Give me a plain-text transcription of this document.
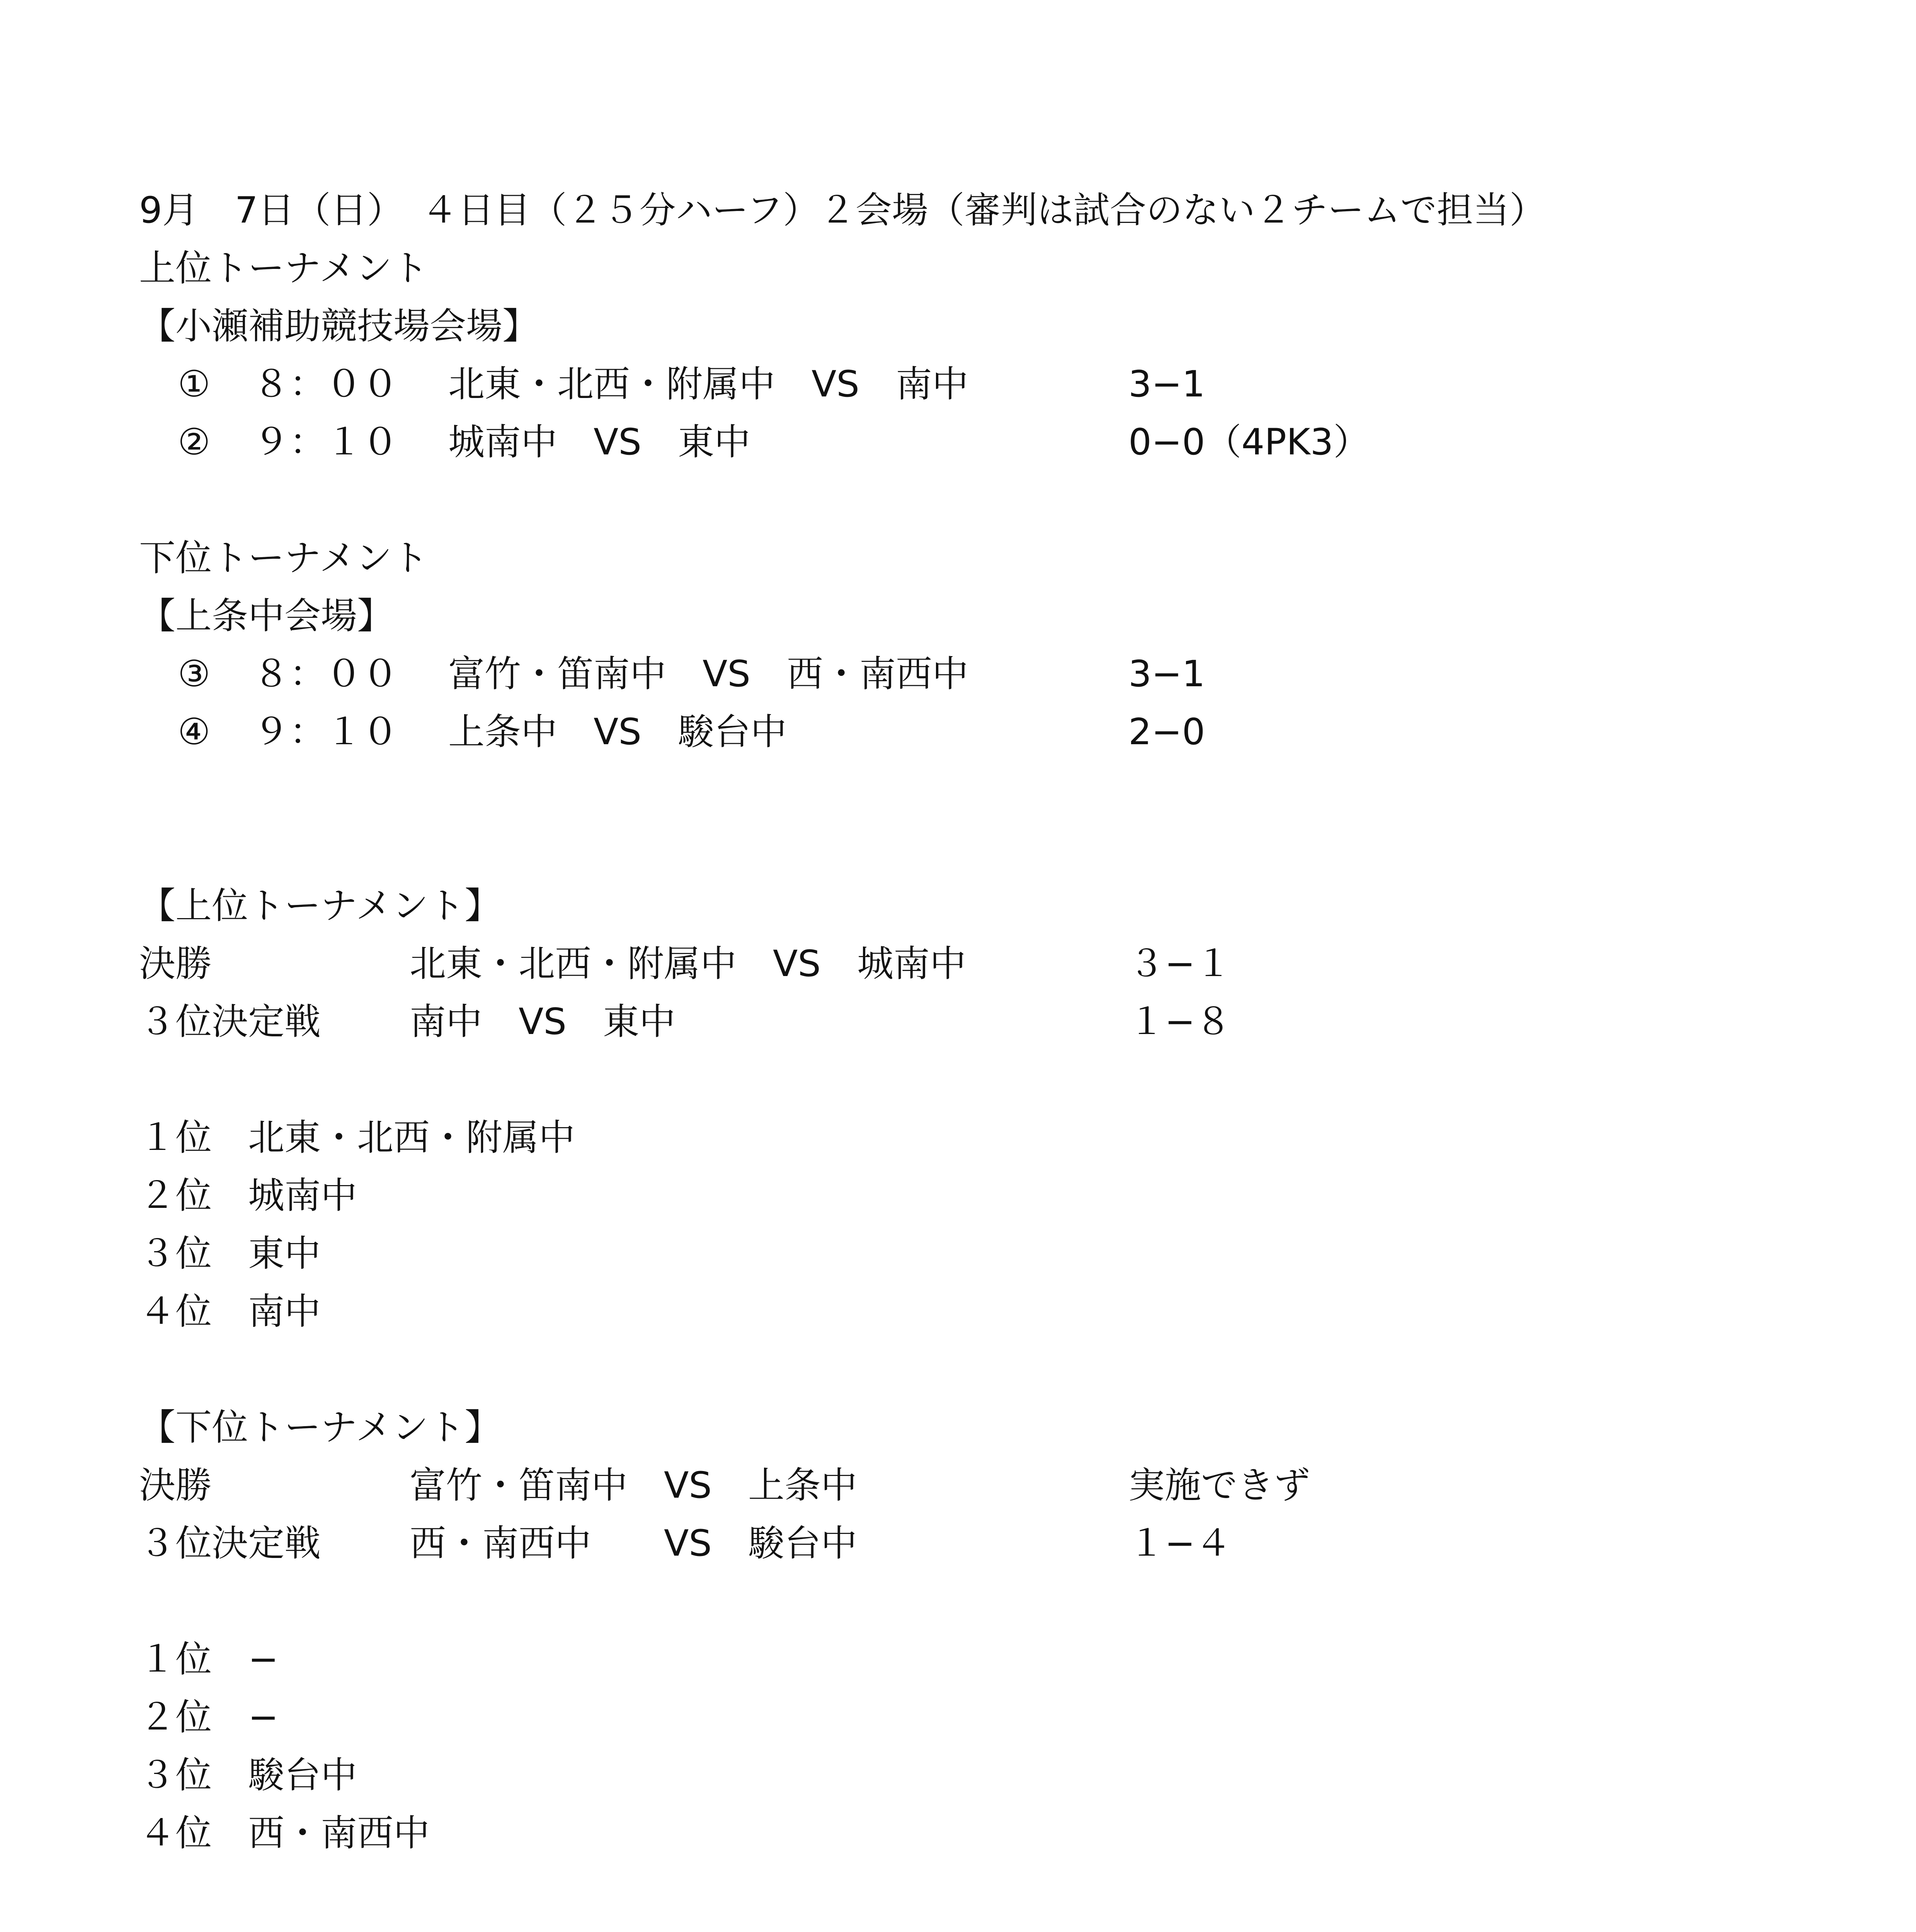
9月　7日（日）　４日目（２５分ハーフ）２会場（審判は試合のない２チームで担当）
上位トーナメント
【小瀬補助競技場会場】
① ８：００ 北東・北西・附属中　VS　南中	3−1
② ９：１０ 城南中　VS　東中	0−0（4PK3）
下位トーナメント
【上条中会場】
③ ８：００ 富竹・笛南中　VS　西・南西中	3−1
④ ９：１０ 上条中　VS　駿台中	2−0
【上位トーナメント】
決勝	北東・北西・附属中　VS　城南中	３−１
３位決定戦 南中　VS　東中	１−８
１位　 北東・北西・附属中
２位　 城南中
３位　 東中
４位　 南中
【下位トーナメント】
決勝	富竹・笛南中　VS　上条中	実施できず
３位決定戦 西・南西中　　VS　駿台中	１−４
１位　 −
２位　 −
３位　 駿台中
４位　 西・南西中
